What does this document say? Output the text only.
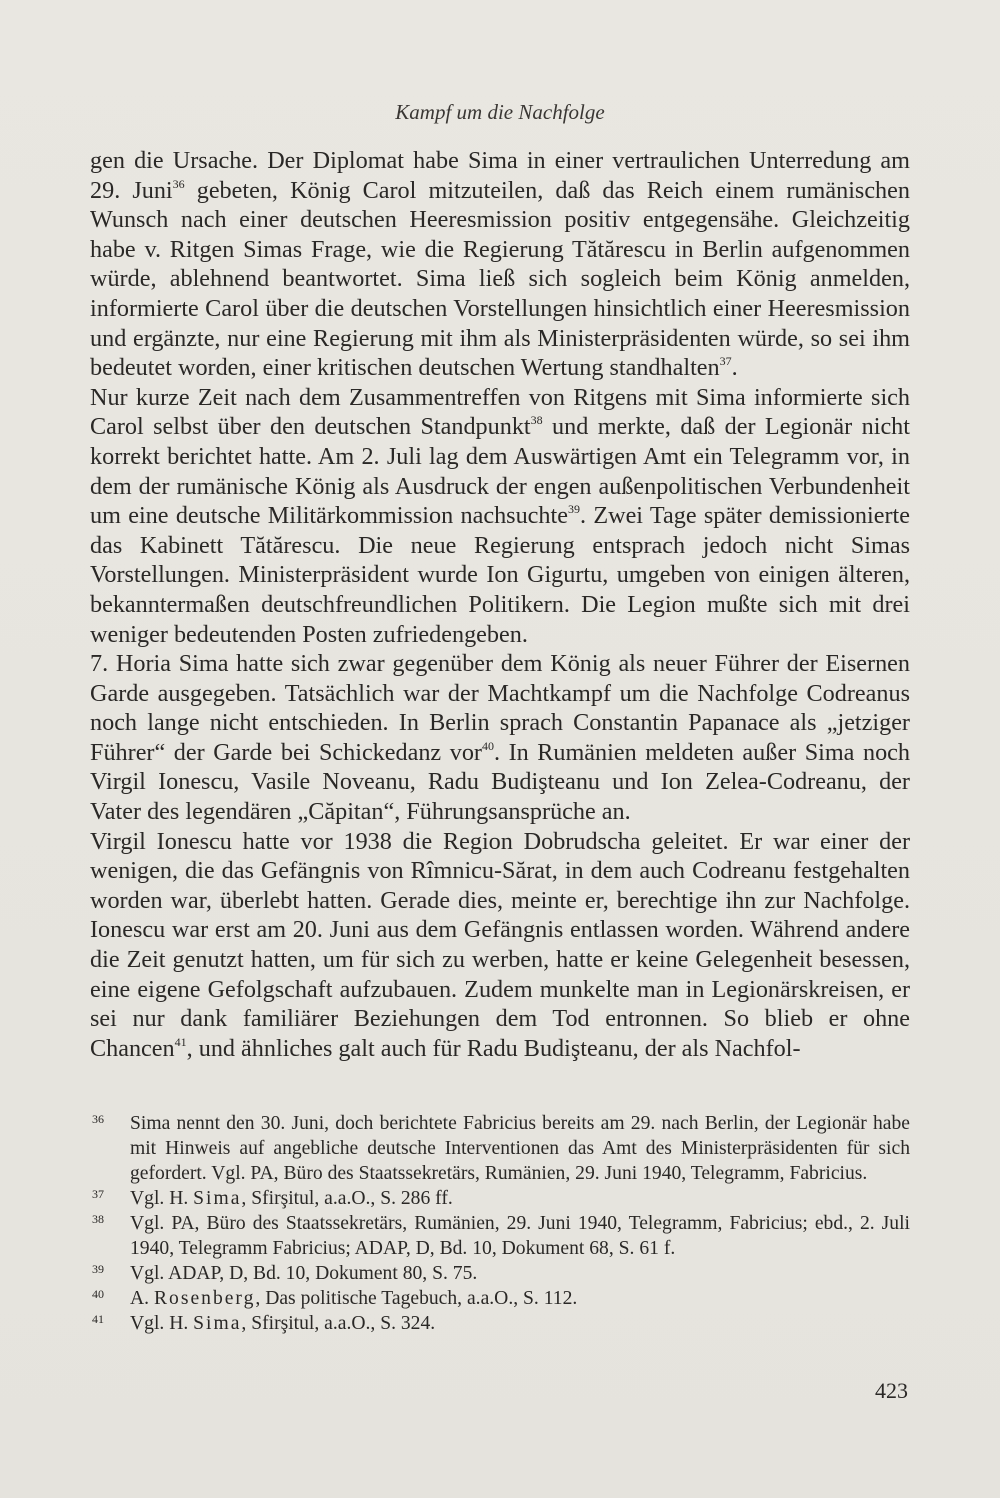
Kampf um die Nachfolge

gen die Ursache. Der Diplomat habe Sima in einer vertraulichen Unterredung am 29. Juni$^{36}$ gebeten, König Carol mitzuteilen, daß das Reich einem rumänischen Wunsch nach einer deutschen Heeresmission positiv entgegensähe. Gleichzeitig habe v. Ritgen Simas Frage, wie die Regierung Tătărescu in Berlin aufgenommen würde, ablehnend beantwortet. Sima ließ sich sogleich beim König anmelden, informierte Carol über die deutschen Vorstellungen hinsichtlich einer Heeresmission und ergänzte, nur eine Regierung mit ihm als Ministerpräsidenten würde, so sei ihm bedeutet worden, einer kritischen deutschen Wertung standhalten$^{37}$.

Nur kurze Zeit nach dem Zusammentreffen von Ritgens mit Sima informierte sich Carol selbst über den deutschen Standpunkt$^{38}$ und merkte, daß der Legionär nicht korrekt berichtet hatte. Am 2. Juli lag dem Auswärtigen Amt ein Telegramm vor, in dem der rumänische König als Ausdruck der engen außenpolitischen Verbundenheit um eine deutsche Militärkommission nachsuchte$^{39}$. Zwei Tage später demissionierte das Kabinett Tătărescu. Die neue Regierung entsprach jedoch nicht Simas Vorstellungen. Ministerpräsident wurde Ion Gigurtu, umgeben von einigen älteren, bekanntermaßen deutschfreundlichen Politikern. Die Legion mußte sich mit drei weniger bedeutenden Posten zufriedengeben.

7. Horia Sima hatte sich zwar gegenüber dem König als neuer Führer der Eisernen Garde ausgegeben. Tatsächlich war der Machtkampf um die Nachfolge Codreanus noch lange nicht entschieden. In Berlin sprach Constantin Papanace als „jetziger Führer“ der Garde bei Schickedanz vor$^{40}$. In Rumänien meldeten außer Sima noch Virgil Ionescu, Vasile Noveanu, Radu Budişteanu und Ion Zelea-Codreanu, der Vater des legendären „Căpitan“, Führungsansprüche an.

Virgil Ionescu hatte vor 1938 die Region Dobrudscha geleitet. Er war einer der wenigen, die das Gefängnis von Rîmnicu-Sărat, in dem auch Codreanu festgehalten worden war, überlebt hatten. Gerade dies, meinte er, berechtige ihn zur Nachfolge. Ionescu war erst am 20. Juni aus dem Gefängnis entlassen worden. Während andere die Zeit genutzt hatten, um für sich zu werben, hatte er keine Gelegenheit besessen, eine eigene Gefolgschaft aufzubauen. Zudem munkelte man in Legionärskreisen, er sei nur dank familiärer Beziehungen dem Tod entronnen. So blieb er ohne Chancen$^{41}$, und ähnliches galt auch für Radu Budişteanu, der als Nachfol-

36 Sima nennt den 30. Juni, doch berichtete Fabricius bereits am 29. nach Berlin, der Legionär habe mit Hinweis auf angebliche deutsche Interventionen das Amt des Ministerpräsidenten für sich gefordert. Vgl. PA, Büro des Staatssekretärs, Rumänien, 29. Juni 1940, Telegramm, Fabricius.
37 Vgl. H. Sima, Sfirşitul, a.a.O., S. 286 ff.
38 Vgl. PA, Büro des Staatssekretärs, Rumänien, 29. Juni 1940, Telegramm, Fabricius; ebd., 2. Juli 1940, Telegramm Fabricius; ADAP, D, Bd. 10, Dokument 68, S. 61 f.
39 Vgl. ADAP, D, Bd. 10, Dokument 80, S. 75.
40 A. Rosenberg, Das politische Tagebuch, a.a.O., S. 112.
41 Vgl. H. Sima, Sfirşitul, a.a.O., S. 324.
423
